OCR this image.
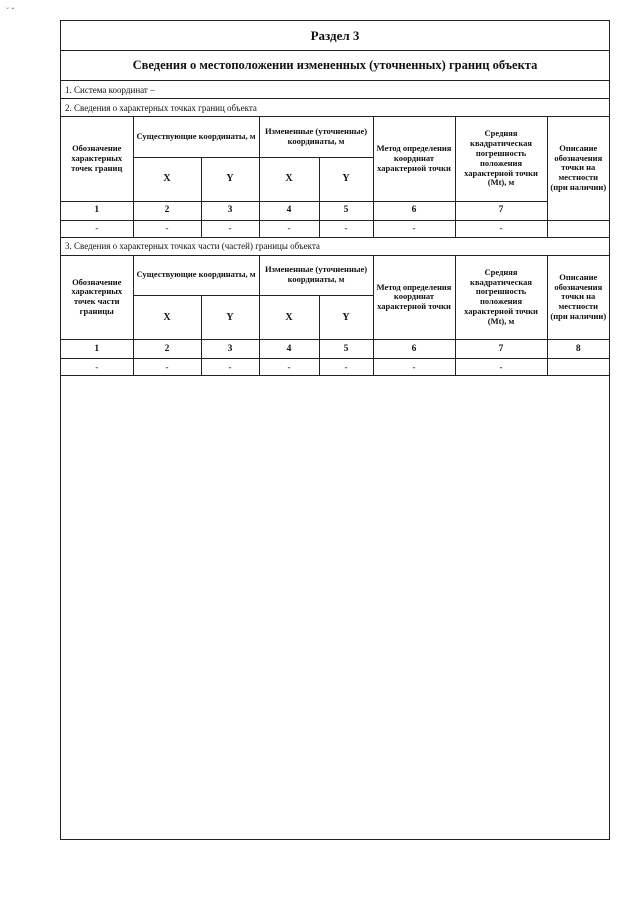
˘ ˇ
Раздел 3
Сведения о местоположении измененных (уточненных) границ объекта
1. Система координат –
2. Сведения о характерных точках границ объекта
Обозначение характерных точек границ	Существующие координаты, м		Измененные (уточненные) координаты, м		Метод определения координат характерной точки	Средняя квадратическая погрешность положения характерной точки (Mt), м	Описание обозначения точки на местности (при наличии)
	X	Y	X	Y			
1	2	3	4	5	6	7	
-	-	-	-	-	-	-	
3. Сведения о характерных точках части (частей) границы объекта
Обозначение характерных точек части границы	Существующие координаты, м		Измененные (уточненные) координаты, м		Метод определения координат характерной точки	Средняя квадратическая погрешность положения характерной точки (Mt), м	Описание обозначения точки на местности (при наличии)
	X	Y	X	Y			
1	2	3	4	5	6	7	8
-	-	-	-	-	-	-	
